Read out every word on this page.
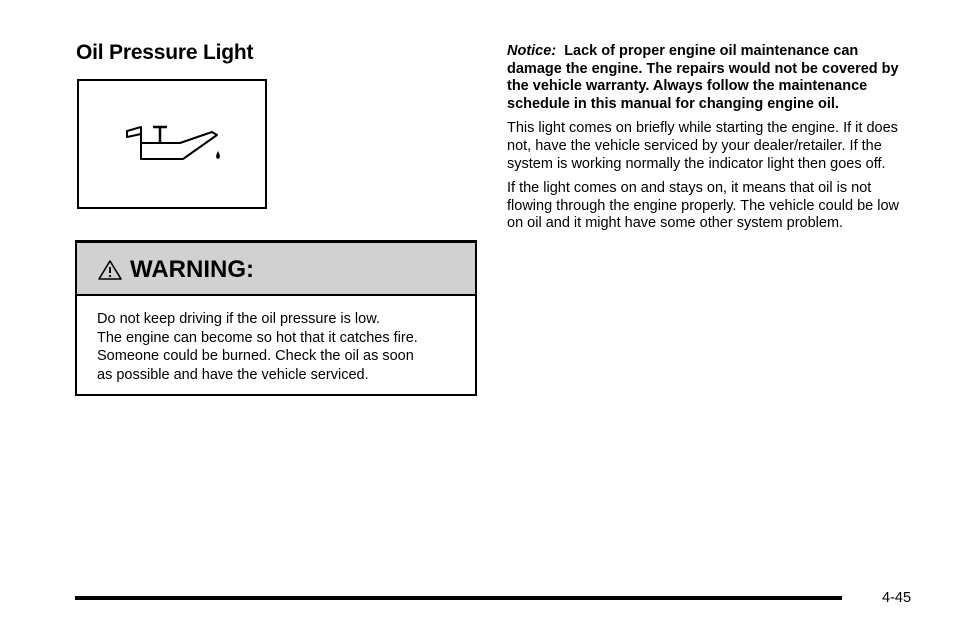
Oil Pressure Light
WARNING:
Do not keep driving if the oil pressure is low.
The engine can become so hot that it catches fire.
Someone could be burned. Check the oil as soon
as possible and have the vehicle serviced.

Notice: Lack of proper engine oil maintenance can damage the engine. The repairs would not be covered by the vehicle warranty. Always follow the maintenance schedule in this manual for changing engine oil.

This light comes on briefly while starting the engine. If it does not, have the vehicle serviced by your dealer/retailer. If the system is working normally the indicator light then goes off.

If the light comes on and stays on, it means that oil is not flowing through the engine properly. The vehicle could be low on oil and it might have some other system problem.

4-45
